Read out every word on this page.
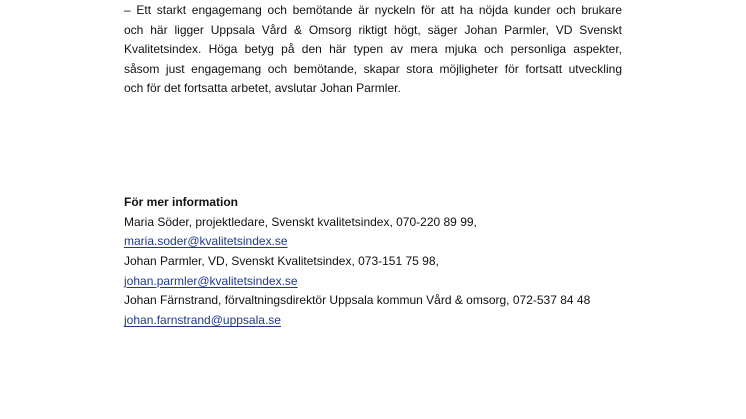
– Ett starkt engagemang och bemötande är nyckeln för att ha nöjda kunder och brukare
och här ligger Uppsala Vård & Omsorg riktigt högt, säger Johan Parmler, VD Svenskt
Kvalitetsindex. Höga betyg på den här typen av mera mjuka och personliga aspekter,
såsom just engagemang och bemötande, skapar stora möjligheter för fortsatt utveckling
och för det fortsatta arbetet, avslutar Johan Parmler.
För mer information
Maria Söder, projektledare, Svenskt kvalitetsindex, 070-220 89 99,
maria.soder@kvalitetsindex.se
Johan Parmler, VD, Svenskt Kvalitetsindex, 073-151 75 98,
johan.parmler@kvalitetsindex.se
Johan Färnstrand, förvaltningsdirektör Uppsala kommun Vård & omsorg, 072-537 84 48
johan.farnstrand@uppsala.se
